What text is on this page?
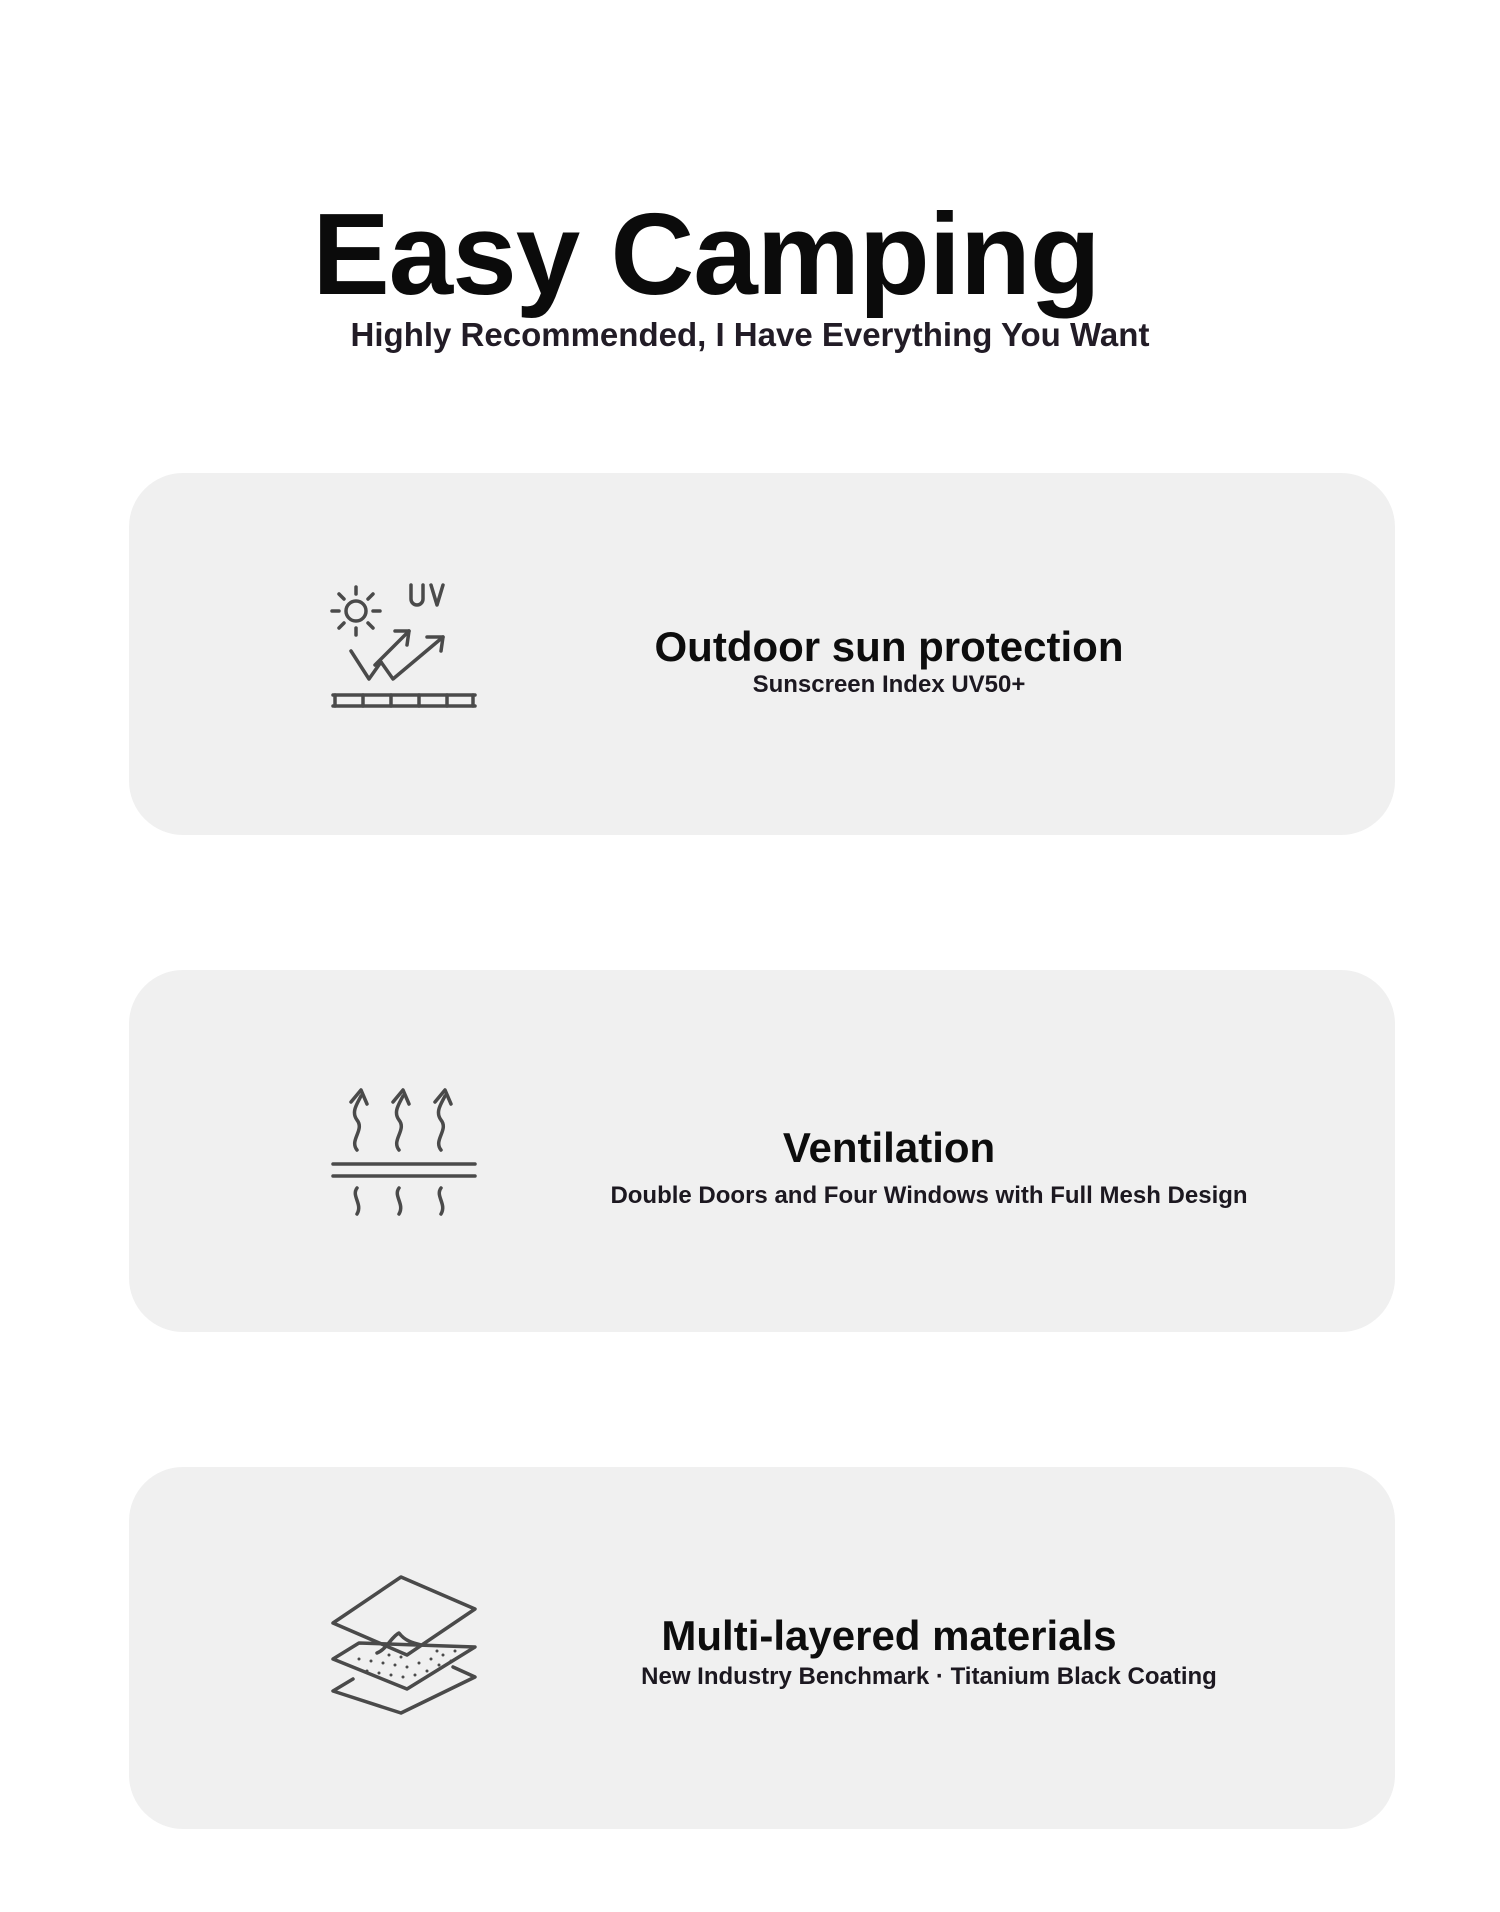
Easy Camping
Highly Recommended, I Have Everything You Want
Outdoor sun protection

Sunscreen Index UV50+

Ventilation

Double Doors and Four Windows with Full Mesh Design

Multi-layered materials

New Industry Benchmark · Titanium Black Coating
